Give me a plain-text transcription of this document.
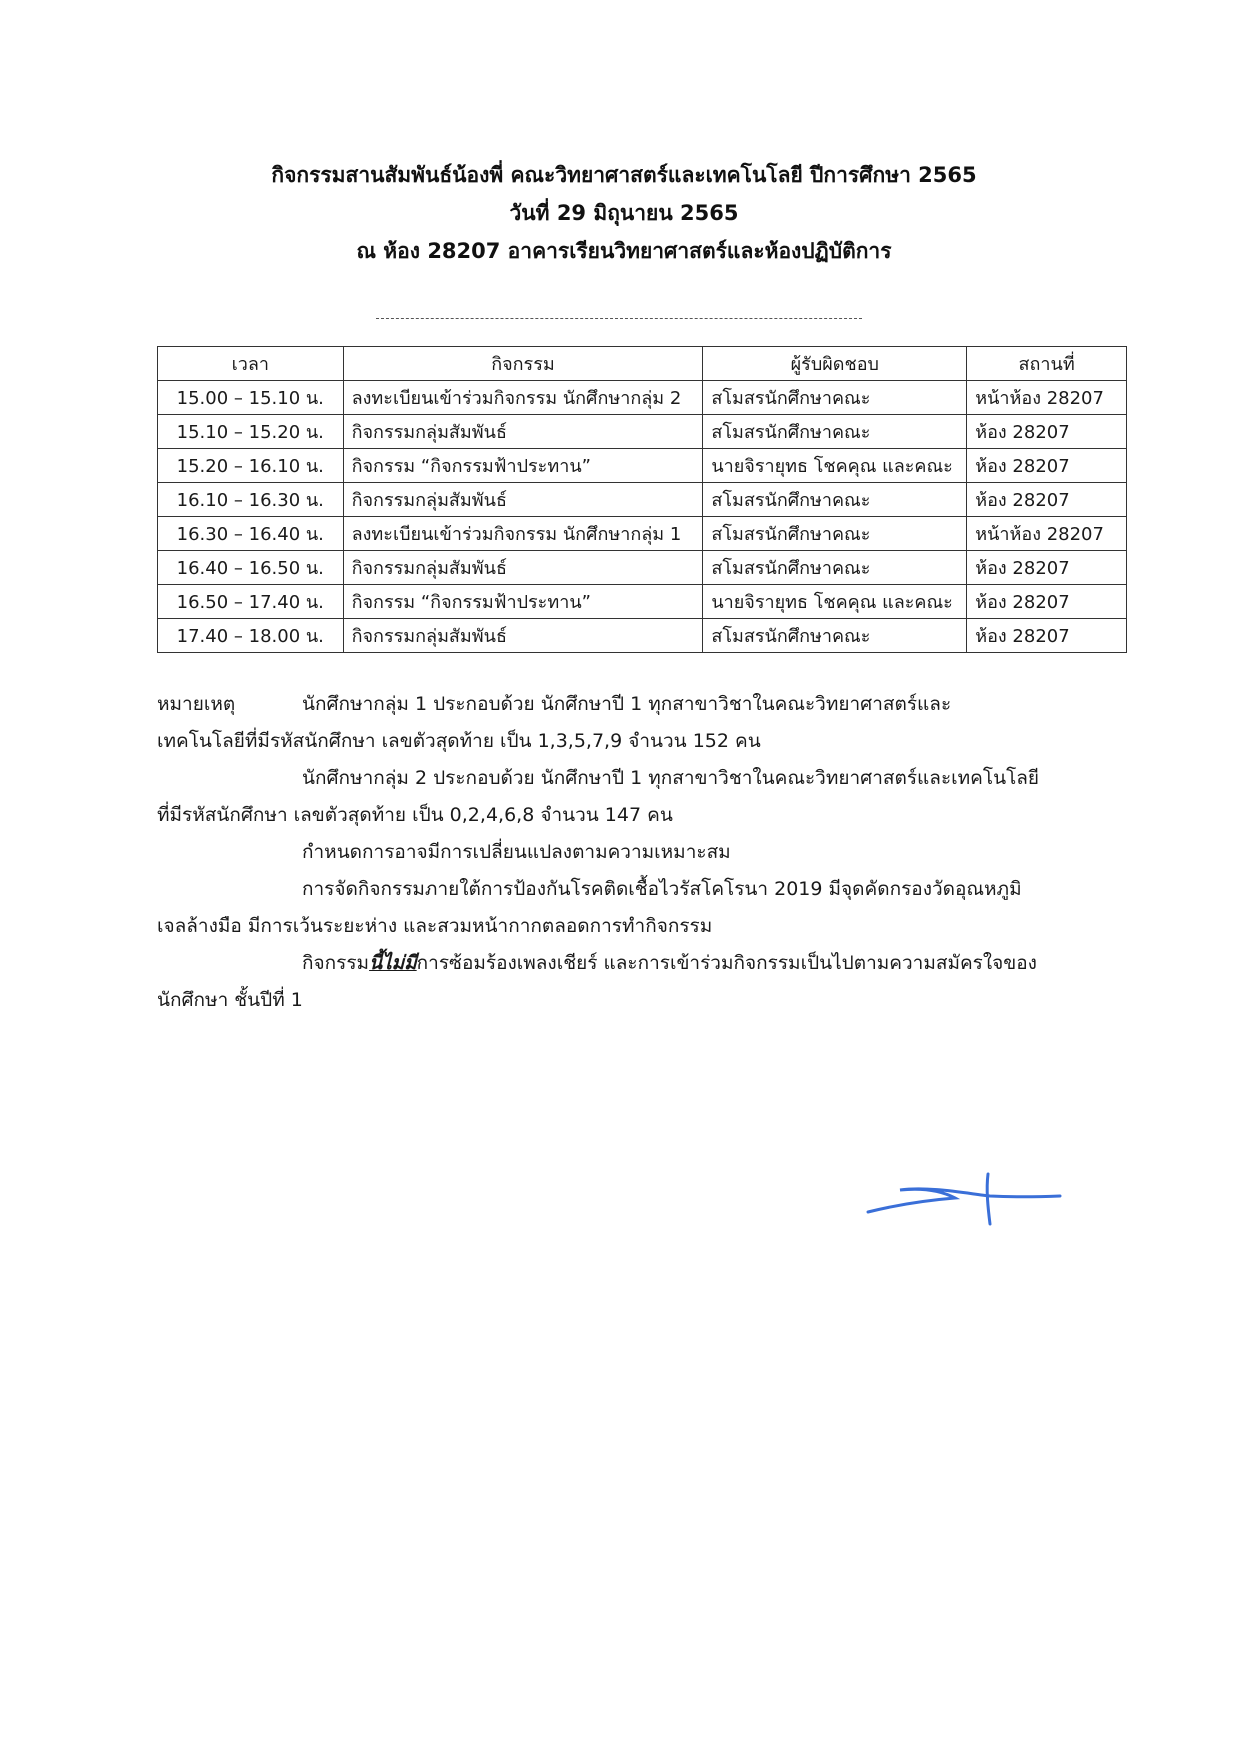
กิจกรรมสานสัมพันธ์น้องพี่ คณะวิทยาศาสตร์และเทคโนโลยี ปีการศึกษา 2565
วันที่ 29 มิถุนายน 2565
ณ ห้อง 28207 อาคารเรียนวิทยาศาสตร์และห้องปฏิบัติการ
เวลา	กิจกรรม	ผู้รับผิดชอบ	สถานที่
15.00 – 15.10 น.	ลงทะเบียนเข้าร่วมกิจกรรม นักศึกษากลุ่ม 2	สโมสรนักศึกษาคณะ	หน้าห้อง 28207
15.10 – 15.20 น.	กิจกรรมกลุ่มสัมพันธ์	สโมสรนักศึกษาคณะ	ห้อง 28207
15.20 – 16.10 น.	กิจกรรม “กิจกรรมฟ้าประทาน”	นายจิรายุทธ โชคคุณ และคณะ	ห้อง 28207
16.10 – 16.30 น.	กิจกรรมกลุ่มสัมพันธ์	สโมสรนักศึกษาคณะ	ห้อง 28207
16.30 – 16.40 น.	ลงทะเบียนเข้าร่วมกิจกรรม นักศึกษากลุ่ม 1	สโมสรนักศึกษาคณะ	หน้าห้อง 28207
16.40 – 16.50 น.	กิจกรรมกลุ่มสัมพันธ์	สโมสรนักศึกษาคณะ	ห้อง 28207
16.50 – 17.40 น.	กิจกรรม “กิจกรรมฟ้าประทาน”	นายจิรายุทธ โชคคุณ และคณะ	ห้อง 28207
17.40 – 18.00 น.	กิจกรรมกลุ่มสัมพันธ์	สโมสรนักศึกษาคณะ	ห้อง 28207

หมายเหตุ	นักศึกษากลุ่ม 1 ประกอบด้วย นักศึกษาปี 1 ทุกสาขาวิชาในคณะวิทยาศาสตร์และ

เทคโนโลยีที่มีรหัสนักศึกษา เลขตัวสุดท้าย เป็น 1,3,5,7,9 จำนวน 152 คน

นักศึกษากลุ่ม 2 ประกอบด้วย นักศึกษาปี 1 ทุกสาขาวิชาในคณะวิทยาศาสตร์และเทคโนโลยี

ที่มีรหัสนักศึกษา เลขตัวสุดท้าย เป็น 0,2,4,6,8 จำนวน 147 คน

กำหนดการอาจมีการเปลี่ยนแปลงตามความเหมาะสม

การจัดกิจกรรมภายใต้การป้องกันโรคติดเชื้อไวรัสโคโรนา 2019 มีจุดคัดกรองวัดอุณหภูมิ

เจลล้างมือ มีการเว้นระยะห่าง และสวมหน้ากากตลอดการทำกิจกรรม

กิจกรรมนี้ไม่มีการซ้อมร้องเพลงเชียร์ และการเข้าร่วมกิจกรรมเป็นไปตามความสมัครใจของ

นักศึกษา ชั้นปีที่ 1
